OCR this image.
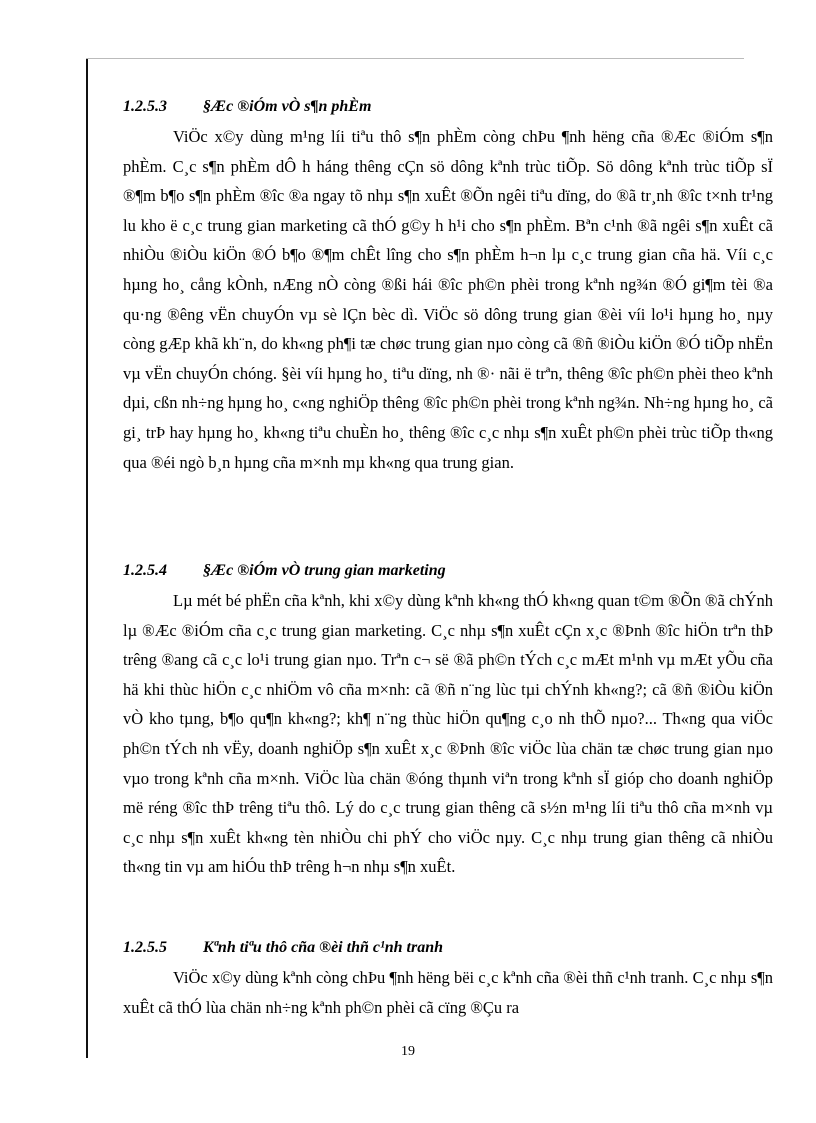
1.2.5.3 §Æc ®iÓm vÒ s¶n phÈm

ViÖc x©y dùng m¹ng líi tiªu thô s¶n phÈm còng chÞu ¶nh hëng cña ®Æc ®iÓm s¶n phÈm. C¸c s¶n phÈm dÔ h háng thêng cÇn sö dông kªnh trùc tiÕp. Sö dông kªnh trùc tiÕp sÏ ®¶m b¶o s¶n phÈm ®îc ®a ngay tõ nhµ s¶n xuÊt ®Õn ngêi tiªu dïng, do ®ã tr¸nh ®îc t×nh tr¹ng lu kho ë c¸c trung gian marketing cã thÓ g©y h h¹i cho s¶n phÈm. Bªn c¹nh ®ã ngêi s¶n xuÊt cã nhiÒu ®iÒu kiÖn ®Ó b¶o ®¶m chÊt lîng cho s¶n phÈm h¬n lµ c¸c trung gian cña hä. Víi c¸c hµng ho¸ cång kÒnh, nÆng nÒ còng ®ßi hái ®îc ph©n phèi trong kªnh ng¾n ®Ó gi¶m tèi ®a qu·ng ®êng vËn chuyÓn vµ sè lÇn bèc dì. ViÖc sö dông trung gian ®èi víi lo¹i hµng ho¸ nµy còng gÆp khã kh¨n, do kh«ng ph¶i tæ chøc trung gian nµo còng cã ®ñ ®iÒu kiÖn ®Ó tiÕp nhËn vµ vËn chuyÓn chóng. §èi víi hµng ho¸ tiªu dïng, nh ®· nãi ë trªn, thêng ®îc ph©n phèi theo kªnh dµi, cßn nh÷ng hµng ho¸ c«ng nghiÖp thêng ®îc ph©n phèi trong kªnh ng¾n. Nh÷ng hµng ho¸ cã gi¸ trÞ hay hµng ho¸ kh«ng tiªu chuÈn ho¸ thêng ®îc c¸c nhµ s¶n xuÊt ph©n phèi trùc tiÕp th«ng qua ®éi ngò b¸n hµng cña m×nh mµ kh«ng qua trung gian.

1.2.5.4 §Æc ®iÓm vÒ trung gian marketing

Lµ mét bé phËn cña kªnh, khi x©y dùng kªnh kh«ng thÓ kh«ng quan t©m ®Õn ®ã chÝnh lµ ®Æc ®iÓm cña c¸c trung gian marketing. C¸c nhµ s¶n xuÊt cÇn x¸c ®Þnh ®îc hiÖn trªn thÞ trêng ®ang cã c¸c lo¹i trung gian nµo. Trªn c¬ së ®ã ph©n tÝch c¸c mÆt m¹nh vµ mÆt yÕu cña hä khi thùc hiÖn c¸c nhiÖm vô cña m×nh: cã ®ñ n¨ng lùc tµi chÝnh kh«ng?; cã ®ñ ®iÒu kiÖn vÒ kho tµng, b¶o qu¶n kh«ng?; kh¶ n¨ng thùc hiÖn qu¶ng c¸o nh thÕ nµo?... Th«ng qua viÖc ph©n tÝch nh vËy, doanh nghiÖp s¶n xuÊt x¸c ®Þnh ®îc viÖc lùa chän tæ chøc trung gian nµo vµo trong kªnh cña m×nh. ViÖc lùa chän ®óng thµnh viªn trong kªnh sÏ gióp cho doanh nghiÖp më réng ®îc thÞ trêng tiªu thô. Lý do c¸c trung gian thêng cã s½n m¹ng líi tiªu thô cña m×nh vµ c¸c nhµ s¶n xuÊt kh«ng tèn nhiÒu chi phÝ cho viÖc nµy. C¸c nhµ trung gian thêng cã nhiÒu th«ng tin vµ am hiÓu thÞ trêng h¬n nhµ s¶n xuÊt.

1.2.5.5 Kªnh tiªu thô cña ®èi thñ c¹nh tranh

ViÖc x©y dùng kªnh còng chÞu ¶nh hëng bëi c¸c kªnh cña ®èi thñ c¹nh tranh. C¸c nhµ s¶n xuÊt cã thÓ lùa chän nh÷ng kªnh ph©n phèi cã cïng ®Çu ra

19
